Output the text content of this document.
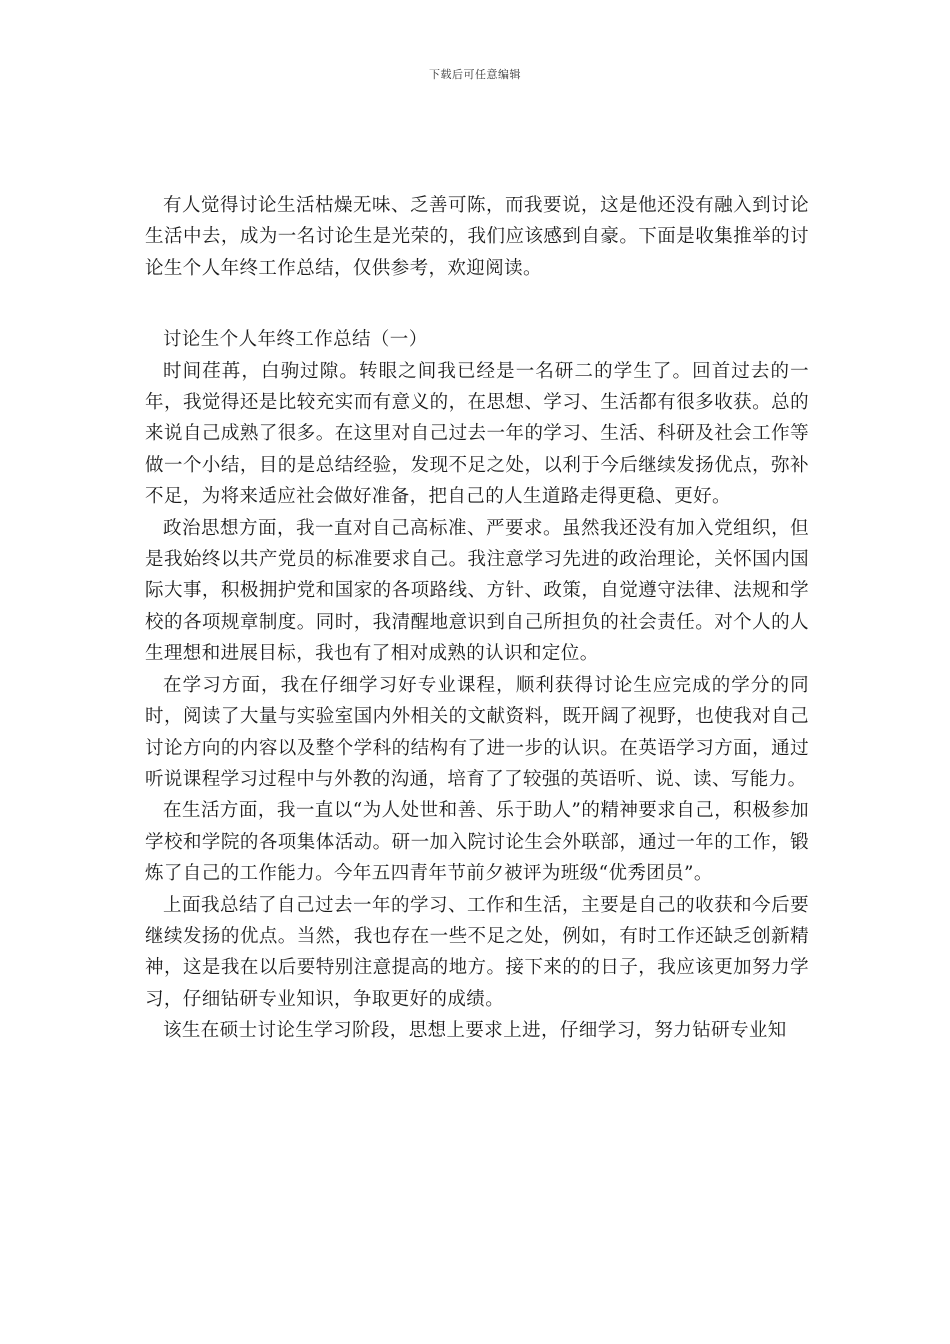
下载后可任意编辑

有人觉得讨论生活枯燥无味、乏善可陈，而我要说，这是他还没有融入到讨论生活中去，成为一名讨论生是光荣的，我们应该感到自豪。下面是收集推举的讨论生个人年终工作总结，仅供参考，欢迎阅读。

讨论生个人年终工作总结（一）

时间荏苒，白驹过隙。转眼之间我已经是一名研二的学生了。回首过去的一年，我觉得还是比较充实而有意义的，在思想、学习、生活都有很多收获。总的来说自己成熟了很多。在这里对自己过去一年的学习、生活、科研及社会工作等做一个小结，目的是总结经验，发现不足之处，以利于今后继续发扬优点，弥补不足，为将来适应社会做好准备，把自己的人生道路走得更稳、更好。

政治思想方面，我一直对自己高标准、严要求。虽然我还没有加入党组织，但是我始终以共产党员的标准要求自己。我注意学习先进的政治理论，关怀国内国际大事，积极拥护党和国家的各项路线、方针、政策，自觉遵守法律、法规和学校的各项规章制度。同时，我清醒地意识到自己所担负的社会责任。对个人的人生理想和进展目标，我也有了相对成熟的认识和定位。

在学习方面，我在仔细学习好专业课程，顺利获得讨论生应完成的学分的同时，阅读了大量与实验室国内外相关的文献资料，既开阔了视野，也使我对自己讨论方向的内容以及整个学科的结构有了进一步的认识。在英语学习方面，通过听说课程学习过程中与外教的沟通，培育了了较强的英语听、说、读、写能力。

在生活方面，我一直以“为人处世和善、乐于助人”的精神要求自己，积极参加学校和学院的各项集体活动。研一加入院讨论生会外联部，通过一年的工作，锻炼了自己的工作能力。今年五四青年节前夕被评为班级“优秀团员”。

上面我总结了自己过去一年的学习、工作和生活，主要是自己的收获和今后要继续发扬的优点。当然，我也存在一些不足之处，例如，有时工作还缺乏创新精神，这是我在以后要特别注意提高的地方。接下来的的日子，我应该更加努力学习，仔细钻研专业知识，争取更好的成绩。

该生在硕士讨论生学习阶段，思想上要求上进，仔细学习，努力钻研专业知
